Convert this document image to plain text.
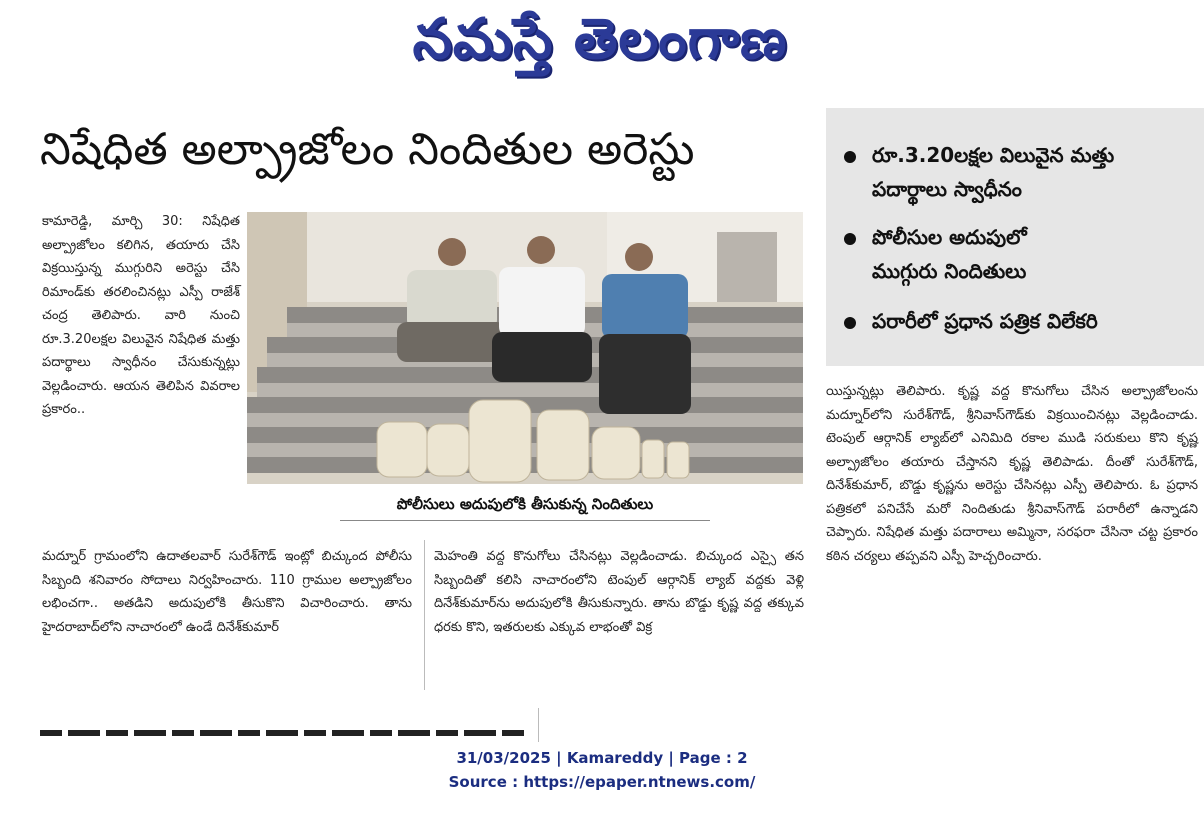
నమస్తే తెలంగాణ
నిషేధిత అల్ప్రాజోలం నిందితుల అరెస్టు	రూ.3.20లక్షల విలువైన మత్తు
పదార్థాలు స్వాధీనం
పోలీసుల అదుపులో
ముగ్గురు నిందితులు
పరారీలో ప్రధాన పత్రిక విలేకరి
పోలీసులు అదుపులోకి తీసుకున్న నిందితులు

కామారెడ్డి, మార్చి 30: నిషేధిత అల్ప్రాజోలం కలిగిన, తయారు చేసి విక్రయిస్తున్న ముగ్గురిని అరెస్టు చేసి రిమాండ్‌కు తరలించినట్లు ఎస్పీ రాజేశ్ చంద్ర తెలిపారు. వారి నుంచి రూ.3.20లక్షల విలువైన నిషేధిత మత్తు పదార్థాలు స్వాధీనం చేసుకున్నట్లు వెల్లడించారు. ఆయన తెలిపిన వివరాల ప్రకారం..

మద్నూర్ గ్రామంలోని ఉదాతలవార్ సురేశ్‌గౌడ్ ఇంట్లో బిచ్కుంద పోలీసు సిబ్బంది శనివారం సోదాలు నిర్వహించారు. 110 గ్రాముల అల్ప్రాజోలం లభించగా.. అతడిని అదుపులోకి తీసుకొని విచారించారు. తాను హైదరాబాద్‌లోని నాచారంలో ఉండే దినేశ్‌కుమార్

మెహంతి వద్ద కొనుగోలు చేసినట్లు వెల్లడించాడు. బిచ్కుంద ఎస్సై తన సిబ్బందితో కలిసి నాచారంలోని టెంపుల్ ఆర్గానిక్ ల్యాబ్ వద్దకు వెళ్లి దినేశ్‌కుమార్‌ను అదుపులోకి తీసుకున్నారు. తాను బొడ్డు కృష్ణ వద్ద తక్కువ ధరకు కొని, ఇతరులకు ఎక్కువ లాభంతో విక్ర

యిస్తున్నట్లు తెలిపారు. కృష్ణ వద్ద కొనుగోలు చేసిన అల్ప్రాజోలంను మద్నూర్‌లోని సురేశ్‌గౌడ్, శ్రీనివాస్‌గౌడ్‌కు విక్రయించినట్లు వెల్లడించాడు. టెంపుల్ ఆర్గానిక్ ల్యాబ్‌లో ఎనిమిది రకాల ముడి సరుకులు కొని కృష్ణ అల్ప్రాజోలం తయారు చేస్తానని కృష్ణ తెలిపాడు. దీంతో సురేశ్‌గౌడ్, దినేశ్‌కుమార్, బొడ్డు కృష్ణను అరెస్టు చేసినట్లు ఎస్పీ తెలిపారు. ఓ ప్రధాన పత్రికలో పనిచేసే మరో నిందితుడు శ్రీనివాస్‌గౌడ్ పరారీలో ఉన్నాడని చెప్పారు. నిషేధిత మత్తు పదారాలు అమ్మినా, సరఫరా చేసినా చట్ట ప్రకారం కఠిన చర్యలు తప్పవని ఎస్పీ హెచ్చరించారు.

31/03/2025 | Kamareddy | Page : 2
Source : https://epaper.ntnews.com/
